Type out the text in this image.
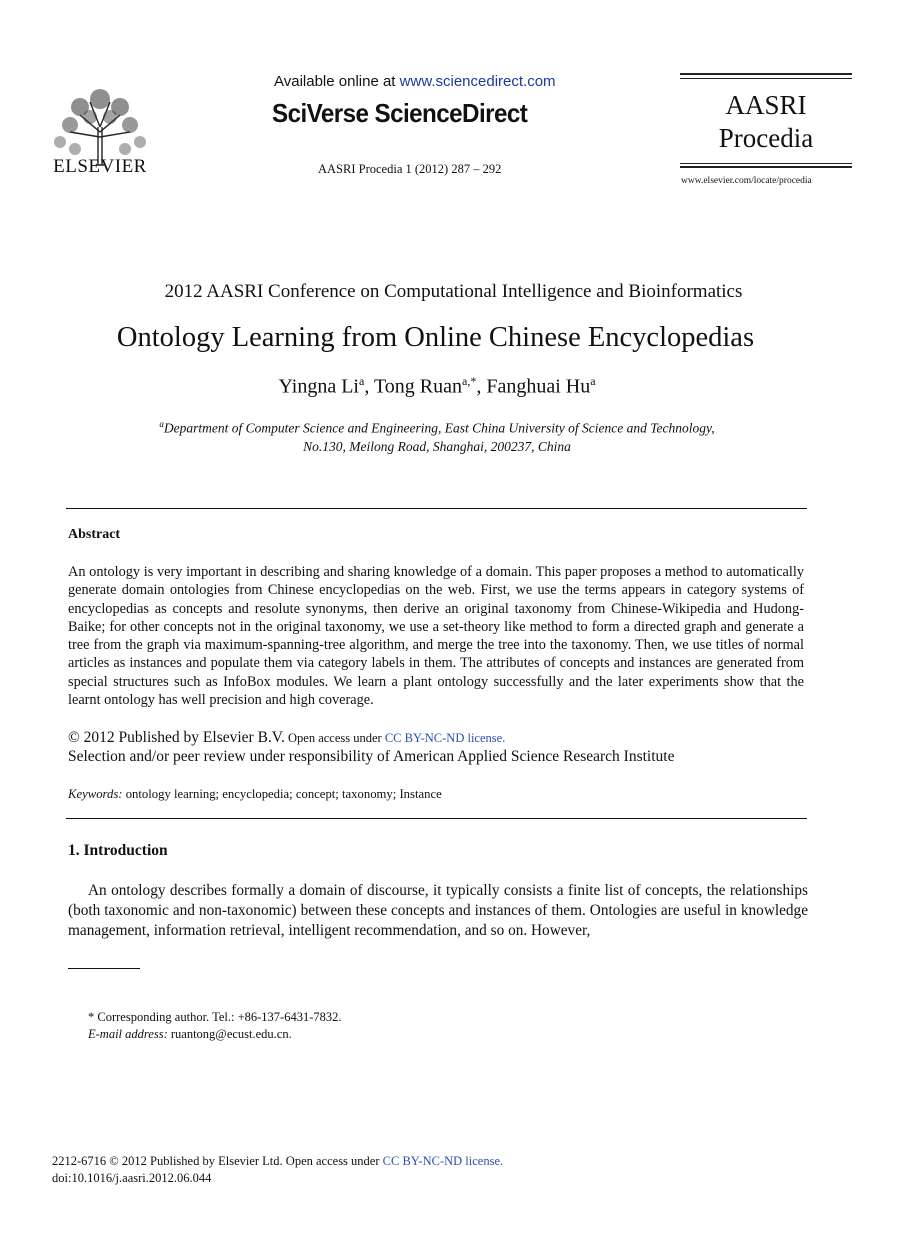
ELSEVIER
Available online at www.sciencedirect.com
SciVerse ScienceDirect
AASRI Procedia 1 (2012) 287 – 292
AASRI
Procedia
www.elsevier.com/locate/procedia
2012 AASRI Conference on Computational Intelligence and Bioinformatics
Ontology Learning from Online Chinese Encyclopedias
Yingna Li$^a$, Tong Ruan$^{a,*}$, Fanghuai Hu$^a$
$^a$Department of Computer Science and Engineering, East China University of Science and Technology,
No.130, Meilong Road, Shanghai, 200237, China
Abstract
An ontology is very important in describing and sharing knowledge of a domain. This paper proposes a method to automatically generate domain ontologies from Chinese encyclopedias on the web. First, we use the terms appears in category systems of encyclopedias as concepts and resolute synonyms, then derive an original taxonomy from Chinese-Wikipedia and Hudong-Baike; for other concepts not in the original taxonomy, we use a set-theory like method to form a directed graph and generate a tree from the graph via maximum-spanning-tree algorithm, and merge the tree into the taxonomy. Then, we use titles of normal articles as instances and populate them via category labels in them. The attributes of concepts and instances are generated from special structures such as InfoBox modules. We learn a plant ontology successfully and the later experiments show that the learnt ontology has well precision and high coverage.
© 2012 Published by Elsevier B.V. Open access under CC BY-NC-ND license.
Selection and/or peer review under responsibility of American Applied Science Research Institute
Keywords: ontology learning; encyclopedia; concept; taxonomy; Instance
1. Introduction
An ontology describes formally a domain of discourse, it typically consists a finite list of concepts, the relationships (both taxonomic and non-taxonomic) between these concepts and instances of them. Ontologies are useful in knowledge management, information retrieval, intelligent recommendation, and so on. However,
* Corresponding author. Tel.: +86-137-6431-7832.
E-mail address: ruantong@ecust.edu.cn.
2212-6716 © 2012 Published by Elsevier Ltd. Open access under CC BY-NC-ND license.
doi:10.1016/j.aasri.2012.06.044
